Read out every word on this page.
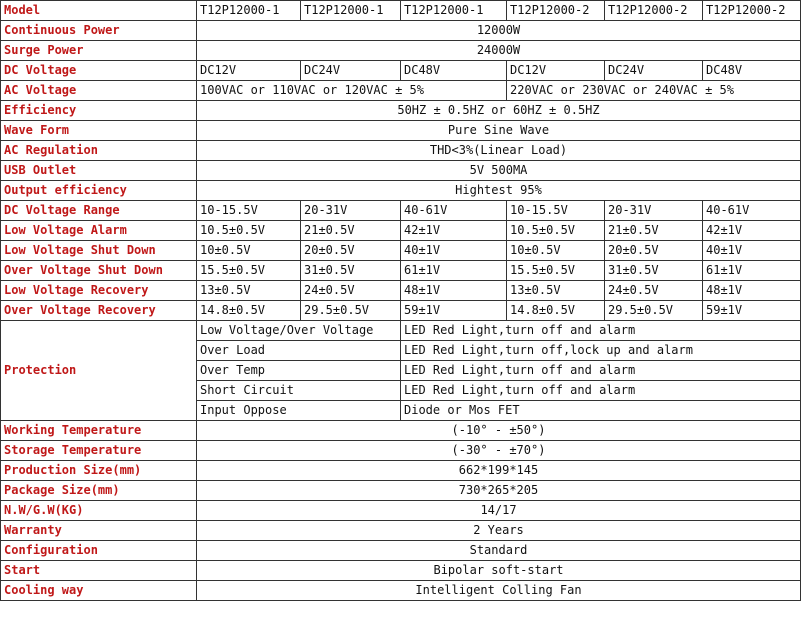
Model	T12P12000-1	T12P12000-1	T12P12000-1	T12P12000-2	T12P12000-2	T12P12000-2
Continuous Power	12000W					
Surge Power	24000W					
DC Voltage	DC12V	DC24V	DC48V	DC12V	DC24V	DC48V
AC Voltage	100VAC or 110VAC or 120VAC ± 5%			220VAC or 230VAC or 240VAC ± 5%		
Efficiency	50HZ ± 0.5HZ or 60HZ ± 0.5HZ					
Wave Form	Pure Sine Wave					
AC Regulation	THD<3%(Linear Load)					
USB Outlet	5V 500MA					
Output efficiency	Hightest 95%					
DC Voltage Range	10-15.5V	20-31V	40-61V	10-15.5V	20-31V	40-61V
Low Voltage Alarm	10.5±0.5V	21±0.5V	42±1V	10.5±0.5V	21±0.5V	42±1V
Low Voltage Shut Down	10±0.5V	20±0.5V	40±1V	10±0.5V	20±0.5V	40±1V
Over Voltage Shut Down	15.5±0.5V	31±0.5V	61±1V	15.5±0.5V	31±0.5V	61±1V
Low Voltage Recovery	13±0.5V	24±0.5V	48±1V	13±0.5V	24±0.5V	48±1V
Over Voltage Recovery	14.8±0.5V	29.5±0.5V	59±1V	14.8±0.5V	29.5±0.5V	59±1V
Protection	Low Voltage/Over Voltage		LED Red Light,turn off and alarm			
	Over Load		LED Red Light,turn off,lock up and alarm			
	Over Temp		LED Red Light,turn off and alarm			
	Short Circuit		LED Red Light,turn off and alarm			
	Input Oppose		Diode or Mos FET			
Working Temperature	(-10° - ±50°)					
Storage Temperature	(-30° - ±70°)					
Production Size(mm)	662*199*145					
Package Size(mm)	730*265*205					
N.W/G.W(KG)	14/17					
Warranty	2 Years					
Configuration	Standard					
Start	Bipolar soft-start					
Cooling way	Intelligent Colling Fan					
